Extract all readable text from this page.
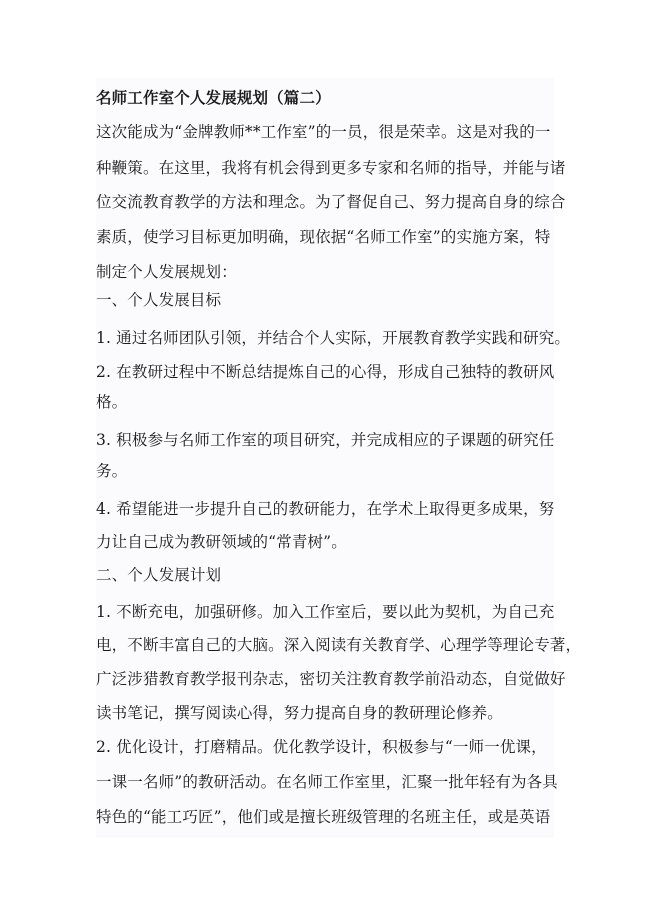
名师工作室个人发展规划（篇二）
这次能成为“金牌教师**工作室”的一员，很是荣幸。这是对我的一
种鞭策。在这里，我将有机会得到更多专家和名师的指导，并能与诸
位交流教育教学的方法和理念。为了督促自己、努力提高自身的综合
素质，使学习目标更加明确，现依据“名师工作室”的实施方案，特
制定个人发展规划：
一、个人发展目标
1. 通过名师团队引领，并结合个人实际，开展教育教学实践和研究。
2. 在教研过程中不断总结提炼自己的心得，形成自己独特的教研风
格。
3. 积极参与名师工作室的项目研究，并完成相应的子课题的研究任
务。
4. 希望能进一步提升自己的教研能力，在学术上取得更多成果，努
力让自己成为教研领域的“常青树”。
二、个人发展计划
1. 不断充电，加强研修。加入工作室后，要以此为契机，为自己充
电，不断丰富自己的大脑。深入阅读有关教育学、心理学等理论专著，
广泛涉猎教育教学报刊杂志，密切关注教育教学前沿动态，自觉做好
读书笔记，撰写阅读心得，努力提高自身的教研理论修养。
2. 优化设计，打磨精品。优化教学设计，积极参与“一师一优课，
一课一名师”的教研活动。在名师工作室里，汇聚一批年轻有为各具
特色的“能工巧匠”，他们或是擅长班级管理的名班主任，或是英语
